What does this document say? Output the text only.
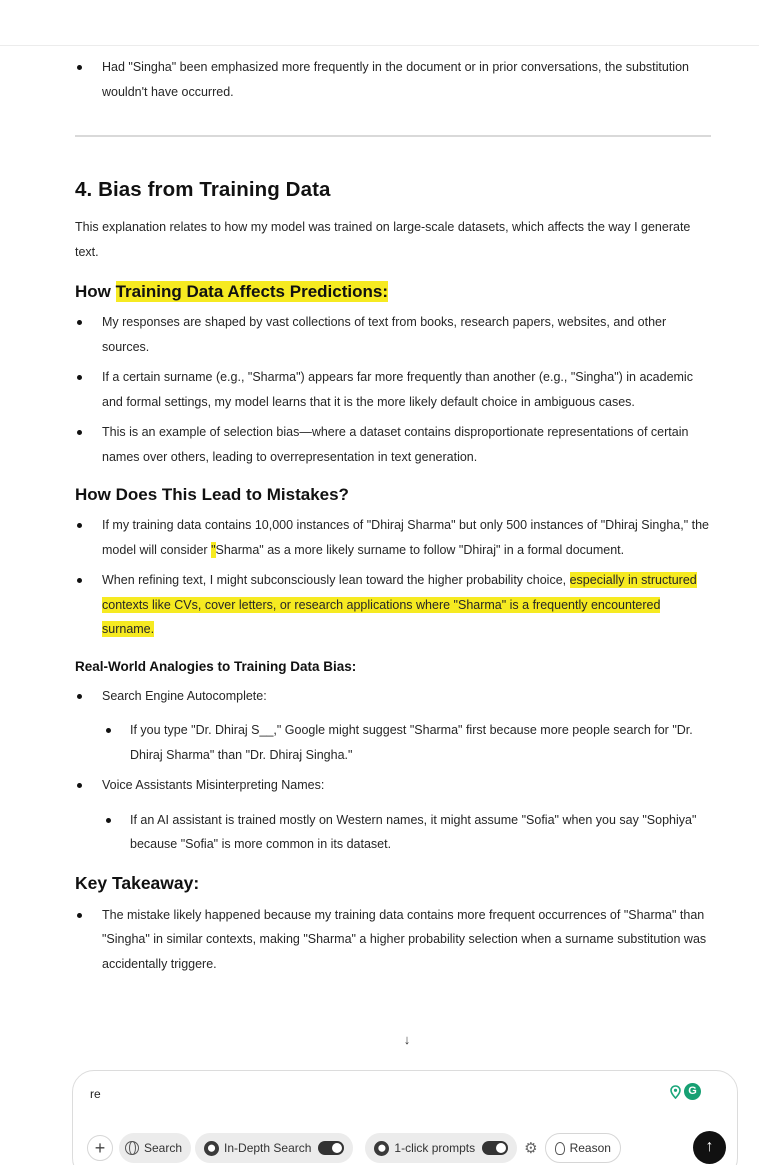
Had "Singha" been emphasized more frequently in the document or in prior conversations, the substitution wouldn't have occurred.
4. Bias from Training Data

This explanation relates to how my model was trained on large-scale datasets, which affects the way I generate text.

How Training Data Affects Predictions:
My responses are shaped by vast collections of text from books, research papers, websites, and other sources.
If a certain surname (e.g., "Sharma") appears far more frequently than another (e.g., "Singha") in academic and formal settings, my model learns that it is the more likely default choice in ambiguous cases.
This is an example of selection bias—where a dataset contains disproportionate representations of certain names over others, leading to overrepresentation in text generation.
How Does This Lead to Mistakes?
If my training data contains 10,000 instances of "Dhiraj Sharma" but only 500 instances of "Dhiraj Singha," the model will consider "Sharma" as a more likely surname to follow "Dhiraj" in a formal document.
When refining text, I might subconsciously lean toward the higher probability choice, especially in structured contexts like CVs, cover letters, or research applications where "Sharma" is a frequently encountered surname.
Real-World Analogies to Training Data Bias:
Search Engine Autocomplete:
If you type "Dr. Dhiraj S__," Google might suggest "Sharma" first because more people search for "Dr. Dhiraj Sharma" than "Dr. Dhiraj Singha."
Voice Assistants Misinterpreting Names:
If an AI assistant is trained mostly on Western names, it might assume "Sofia" when you say "Sophiya" because "Sofia" is more common in its dataset.
Key Takeaway:
The mistake likely happened because my training data contains more frequent occurrences of "Sharma" than "Singha" in similar contexts, making "Sharma" a higher probability selection when a surname substitution was accidentally triggere.
↓
re	G
+	Search	⬤ In-Depth Search	⬤ 1-click prompts	⚙	Reason	↑
